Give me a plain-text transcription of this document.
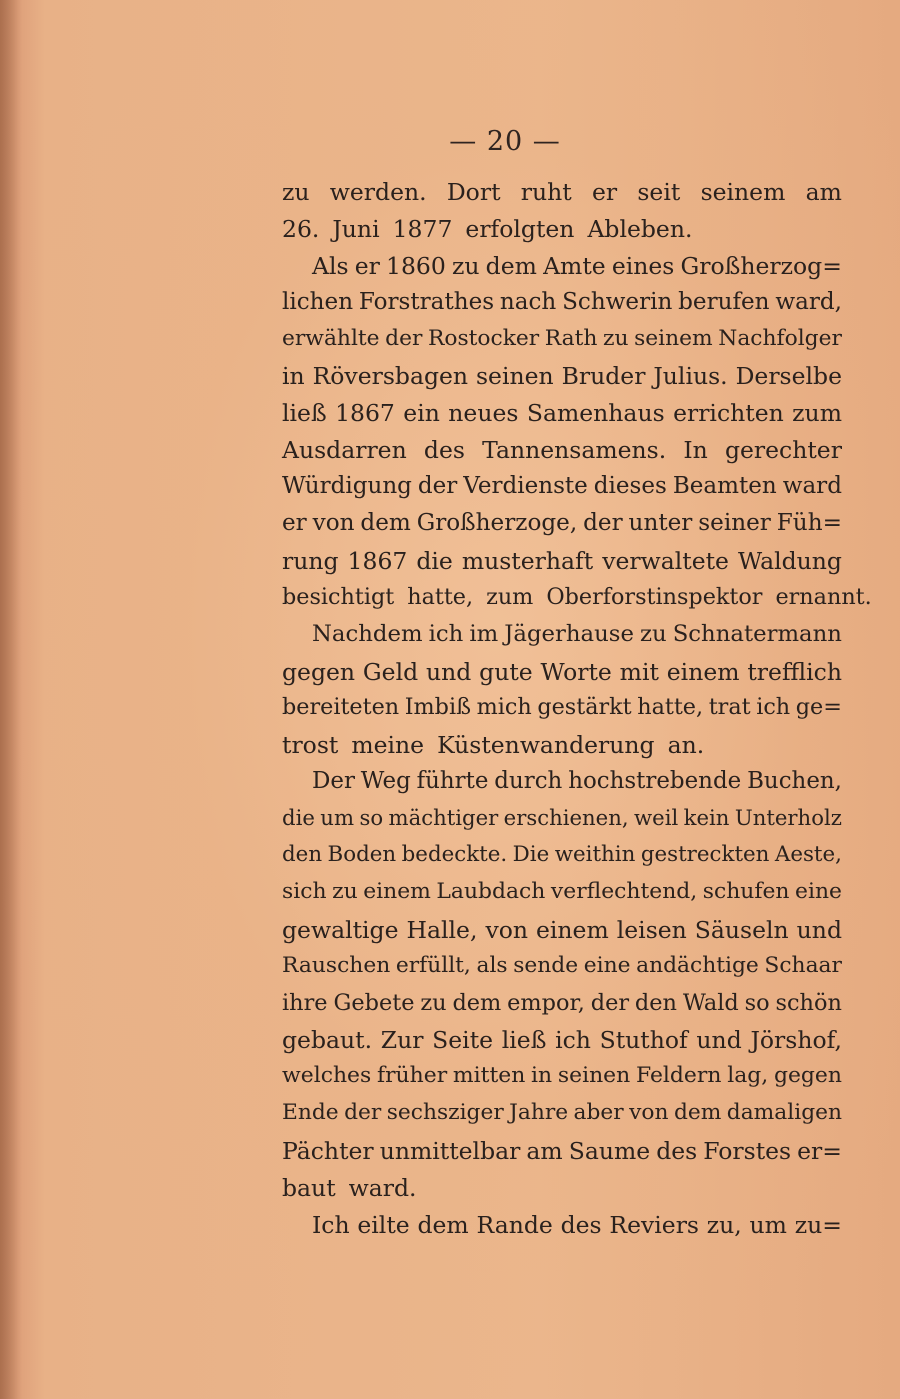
— 20 —
zu werden. Dort ruht er seit seinem am
26. Juni 1877 erfolgten Ableben.
Als er 1860 zu dem Amte eines Großherzog=
lichen Forstrathes nach Schwerin berufen ward,
erwählte der Rostocker Rath zu seinem Nachfolger
in Röversbagen seinen Bruder Julius. Derselbe
ließ 1867 ein neues Samenhaus errichten zum
Ausdarren des Tannensamens. In gerechter
Würdigung der Verdienste dieses Beamten ward
er von dem Großherzoge, der unter seiner Füh=
rung 1867 die musterhaft verwaltete Waldung
besichtigt hatte, zum Oberforstinspektor ernannt.
Nachdem ich im Jägerhause zu Schnatermann
gegen Geld und gute Worte mit einem trefflich
bereiteten Imbiß mich gestärkt hatte, trat ich ge=
trost meine Küstenwanderung an.
Der Weg führte durch hochstrebende Buchen,
die um so mächtiger erschienen, weil kein Unterholz
den Boden bedeckte. Die weithin gestreckten Aeste,
sich zu einem Laubdach verflechtend, schufen eine
gewaltige Halle, von einem leisen Säuseln und
Rauschen erfüllt, als sende eine andächtige Schaar
ihre Gebete zu dem empor, der den Wald so schön
gebaut. Zur Seite ließ ich Stuthof und Jörshof,
welches früher mitten in seinen Feldern lag, gegen
Ende der sechsziger Jahre aber von dem damaligen
Pächter unmittelbar am Saume des Forstes er=
baut ward.
Ich eilte dem Rande des Reviers zu, um zu=
